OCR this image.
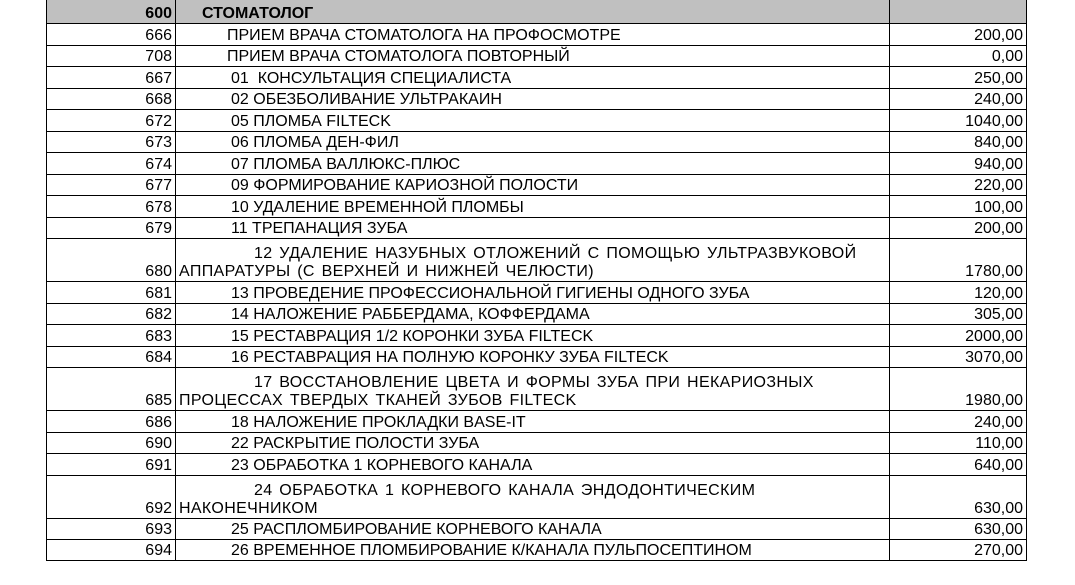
600	СТОМАТОЛОГ	
666	ПРИЕМ ВРАЧА СТОМАТОЛОГА НА ПРОФОСМОТРЕ	200,00
708	ПРИЕМ ВРАЧА СТОМАТОЛОГА ПОВТОРНЫЙ	0,00
667	01  КОНСУЛЬТАЦИЯ СПЕЦИАЛИСТА	250,00
668	02 ОБЕЗБОЛИВАНИЕ УЛЬТРАКАИН	240,00
672	05 ПЛОМБА FILTECK	1040,00
673	06 ПЛОМБА ДЕН-ФИЛ	840,00
674	07 ПЛОМБА ВАЛЛЮКС-ПЛЮС	940,00
677	09 ФОРМИРОВАНИЕ КАРИОЗНОЙ ПОЛОСТИ	220,00
678	10 УДАЛЕНИЕ ВРЕМЕННОЙ ПЛОМБЫ	100,00
679	11 ТРЕПАНАЦИЯ ЗУБА	200,00
680	12 УДАЛЕНИЕ НАЗУБНЫХ ОТЛОЖЕНИЙ С ПОМОЩЬЮ УЛЬТРАЗВУКОВОЙ АППАРАТУРЫ (С ВЕРХНЕЙ И НИЖНЕЙ ЧЕЛЮСТИ)	1780,00
681	13 ПРОВЕДЕНИЕ ПРОФЕССИОНАЛЬНОЙ ГИГИЕНЫ ОДНОГО ЗУБА	120,00
682	14 НАЛОЖЕНИЕ РАББЕРДАМА, КОФФЕРДАМА	305,00
683	15 РЕСТАВРАЦИЯ 1/2 КОРОНКИ ЗУБА FILTECK	2000,00
684	16 РЕСТАВРАЦИЯ НА ПОЛНУЮ КОРОНКУ ЗУБА FILTECK	3070,00
685	17 ВОССТАНОВЛЕНИЕ ЦВЕТА И ФОРМЫ ЗУБА ПРИ НЕКАРИОЗНЫХ ПРОЦЕССАХ ТВЕРДЫХ ТКАНЕЙ ЗУБОВ FILTECK	1980,00
686	18 НАЛОЖЕНИЕ ПРОКЛАДКИ BASE-IT	240,00
690	22 РАСКРЫТИЕ ПОЛОСТИ ЗУБА	110,00
691	23 ОБРАБОТКА 1 КОРНЕВОГО КАНАЛА	640,00
692	24 ОБРАБОТКА 1 КОРНЕВОГО КАНАЛА ЭНДОДОНТИЧЕСКИМ НАКОНЕЧНИКОМ	630,00
693	25 РАСПЛОМБИРОВАНИЕ КОРНЕВОГО КАНАЛА	630,00
694	26 ВРЕМЕННОЕ ПЛОМБИРОВАНИЕ К/КАНАЛА ПУЛЬПОСЕПТИНОМ	270,00
